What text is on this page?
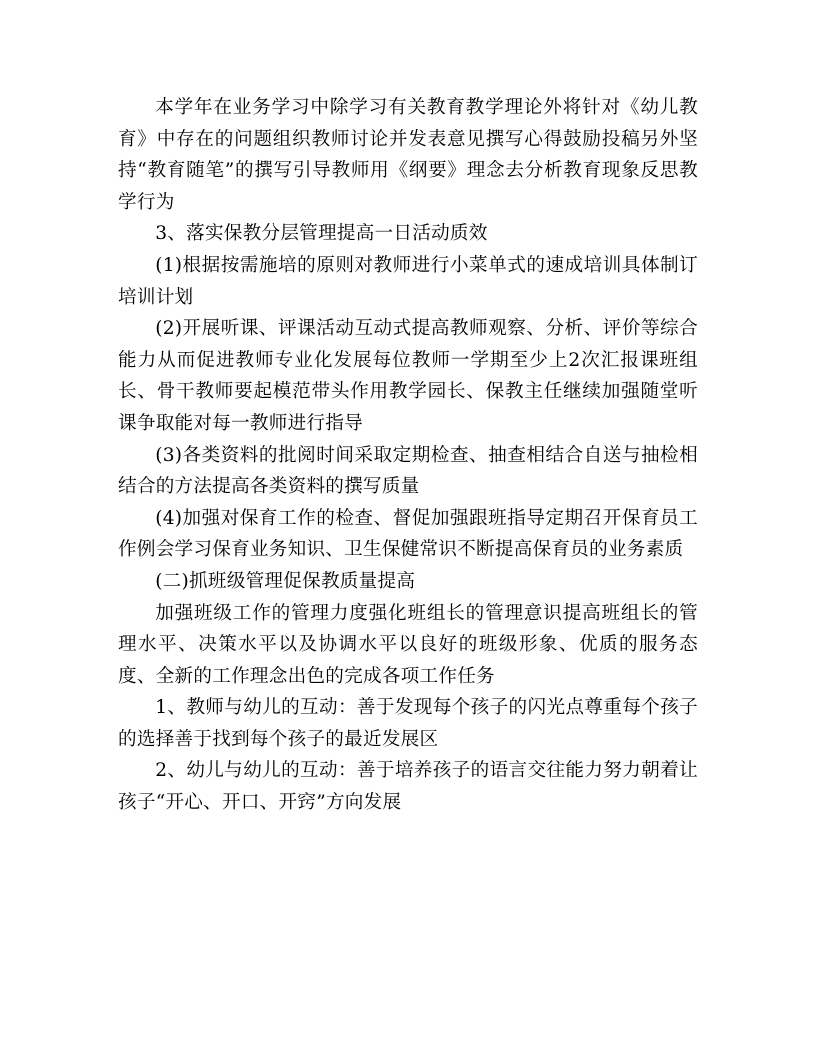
本学年在业务学习中除学习有关教育教学理论外将针对《幼儿教育》中存在的问题组织教师讨论并发表意见撰写心得鼓励投稿另外坚持“教育随笔”的撰写引导教师用《纲要》理念去分析教育现象反思教学行为

3、落实保教分层管理提高一日活动质效

(1)根据按需施培的原则对教师进行小菜单式的速成培训具体制订培训计划

(2)开展听课、评课活动互动式提高教师观察、分析、评价等综合能力从而促进教师专业化发展每位教师一学期至少上2次汇报课班组长、骨干教师要起模范带头作用教学园长、保教主任继续加强随堂听课争取能对每一教师进行指导

(3)各类资料的批阅时间采取定期检查、抽查相结合自送与抽检相结合的方法提高各类资料的撰写质量

(4)加强对保育工作的检查、督促加强跟班指导定期召开保育员工作例会学习保育业务知识、卫生保健常识不断提高保育员的业务素质

(二)抓班级管理促保教质量提高

加强班级工作的管理力度强化班组长的管理意识提高班组长的管理水平、决策水平以及协调水平以良好的班级形象、优质的服务态度、全新的工作理念出色的完成各项工作任务

1、教师与幼儿的互动：善于发现每个孩子的闪光点尊重每个孩子的选择善于找到每个孩子的最近发展区

2、幼儿与幼儿的互动：善于培养孩子的语言交往能力努力朝着让孩子“开心、开口、开窍”方向发展
